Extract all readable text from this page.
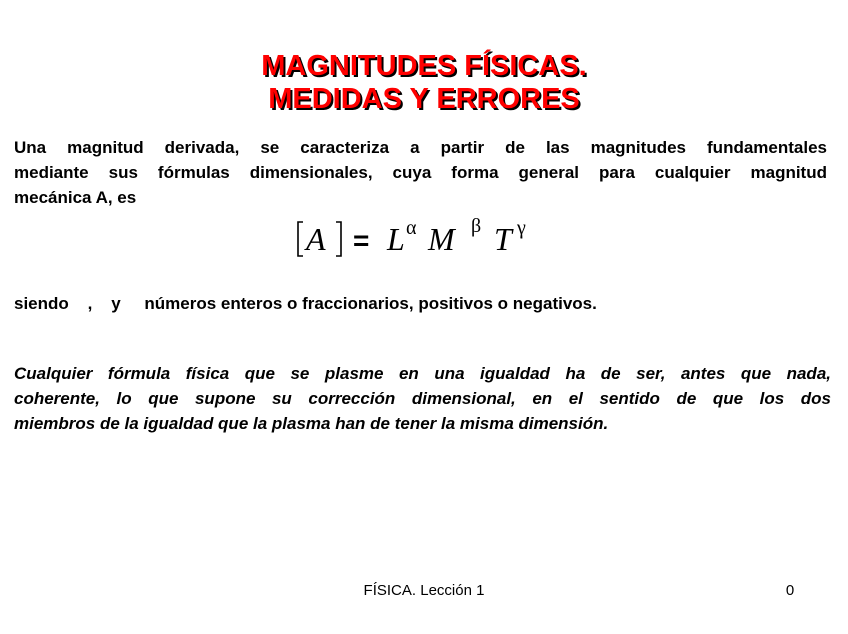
MAGNITUDES FÍSICAS.
MEDIDAS Y ERRORES
Una magnitud derivada, se caracteriza a partir de las magnitudes fundamentales
mediante sus fórmulas dimensionales, cuya forma general para cualquier magnitud
mecánica A, es
A = L α M β T γ

siendo    ,    y     números enteros o fraccionarios, positivos o negativos.

Cualquier fórmula física que se plasme en una igualdad ha de ser, antes que nada,
coherente, lo que supone su corrección dimensional, en el sentido de que los dos
miembros de la igualdad que la plasma han de tener la misma dimensión.
FÍSICA. Lección 1	0
